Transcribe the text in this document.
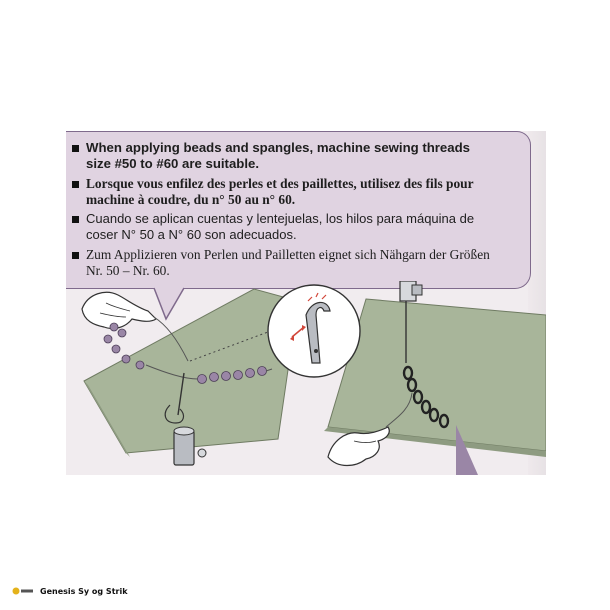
When applying beads and spangles, machine sewing threads
size #50 to #60 are suitable.

Lorsque vous enfilez des perles et des paillettes, utilisez des fils pour
machine à coudre, du n° 50 au n° 60.

Cuando se aplican cuentas y lentejuelas, los hilos para máquina de
coser N° 50 a N° 60 son adecuados.

Zum Applizieren von Perlen und Pailletten eignet sich Nähgarn der Größen
Nr. 50 – Nr. 60.

Genesis Sy og Strik
